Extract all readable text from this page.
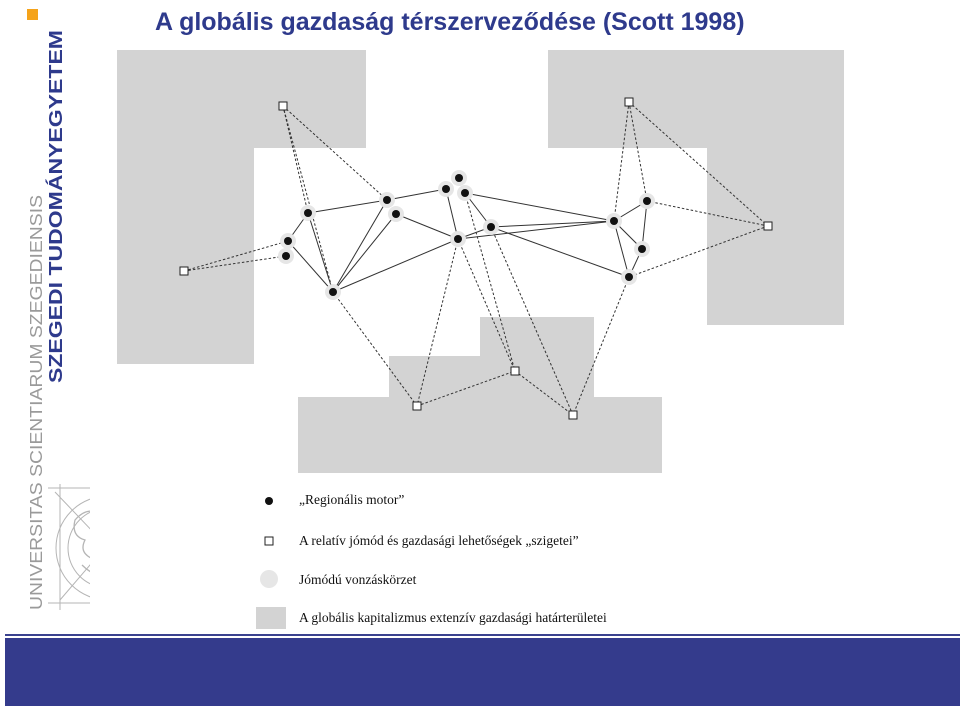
A globális gazdaság térszerveződése (Scott 1998)
SZEGEDI TUDOMÁNYEGYETEM
UNIVERSITAS SCIENTIARUM SZEGEDIENSIS	„Regionális motor”
A relatív jómód és gazdasági lehetőségek „szigetei”
Jómódú vonzáskörzet
A globális kapitalizmus extenzív gazdasági határterületei
